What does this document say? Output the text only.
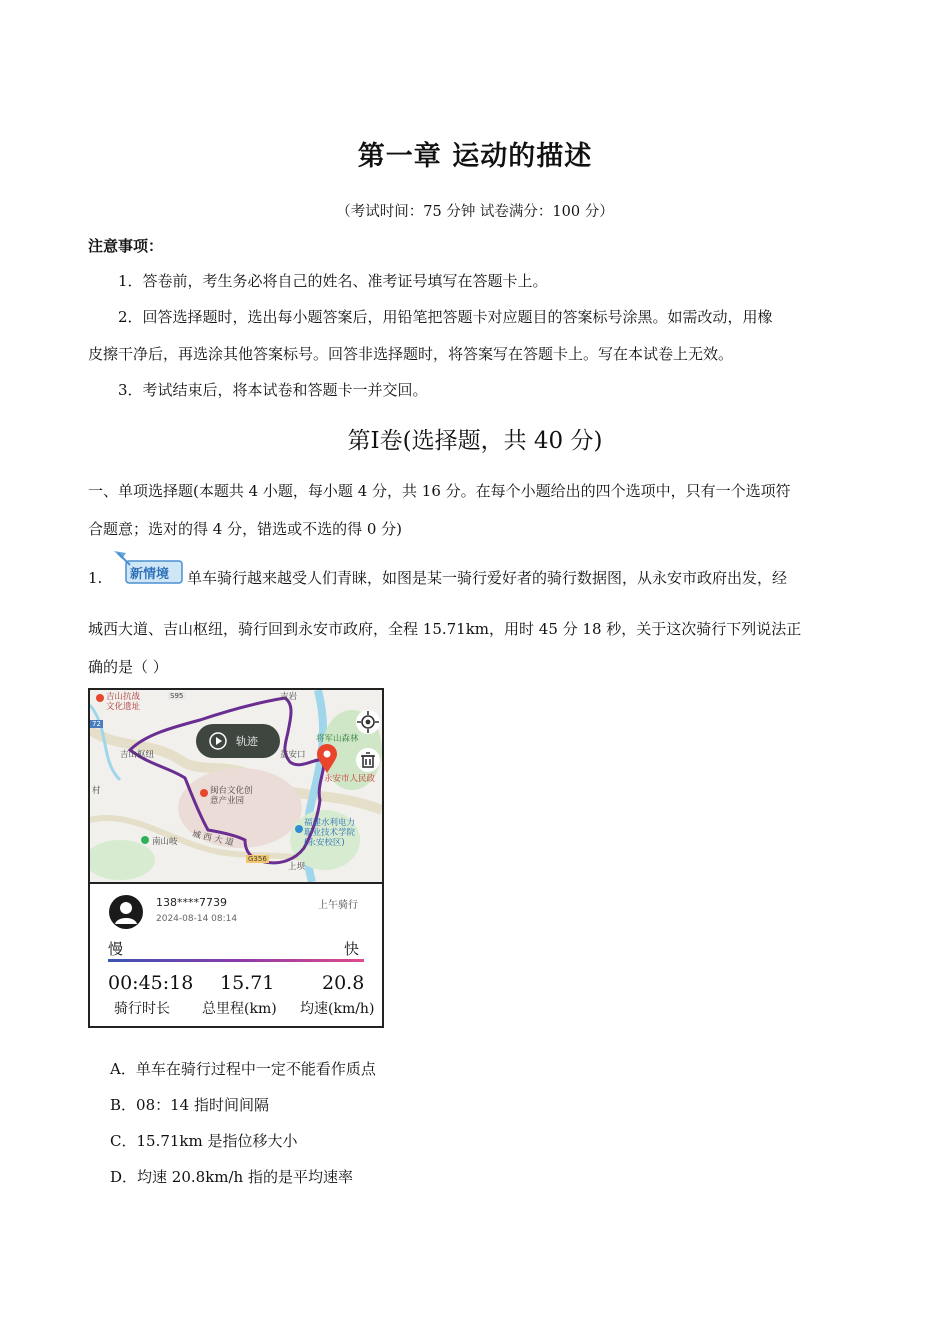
第一章 运动的描述
（考试时间：75 分钟 试卷满分：100 分）
注意事项：
1．答卷前，考生务必将自己的姓名、准考证号填写在答题卡上。
2．回答选择题时，选出每小题答案后，用铅笔把答题卡对应题目的答案标号涂黑。如需改动，用橡
皮擦干净后，再选涂其他答案标号。回答非选择题时，将答案写在答题卡上。写在本试卷上无效。
3．考试结束后，将本试卷和答题卡一并交回。
第Ⅰ卷(选择题，共 40 分)
一、单项选择题(本题共 4 小题，每小题 4 分，共 16 分。在每个小题给出的四个选项中，只有一个选项符
合题意；选对的得 4 分，错选或不选的得 0 分)
1. 新情境 单车骑行越来越受人们青睐，如图是某一骑行爱好者的骑行数据图，从永安市政府出发，经
城西大道、吉山枢纽，骑行回到永安市政府，全程 15.71km，用时 45 分 18 秒，关于这次骑行下列说法正
确的是（ ）
吉山抗战
文化遗址
吉山枢纽
闽台文化创
意产业园
南山岐 城 西 大 道
将军山森林
永安市人民政
福建水利电力
职业技术学院
(永安校区)
上坝
村
吉岩
益安口
G356
S95
72
轨迹
138****7739
2024-08-14 08:14
上午骑行
慢	快
00:45:18 15.71	20.8
骑行时长 总里程(km) 均速(km/h)
A．单车在骑行过程中一定不能看作质点
B．08：14 指时间间隔
C．15.71km 是指位移大小
D．均速 20.8km/h 指的是平均速率
